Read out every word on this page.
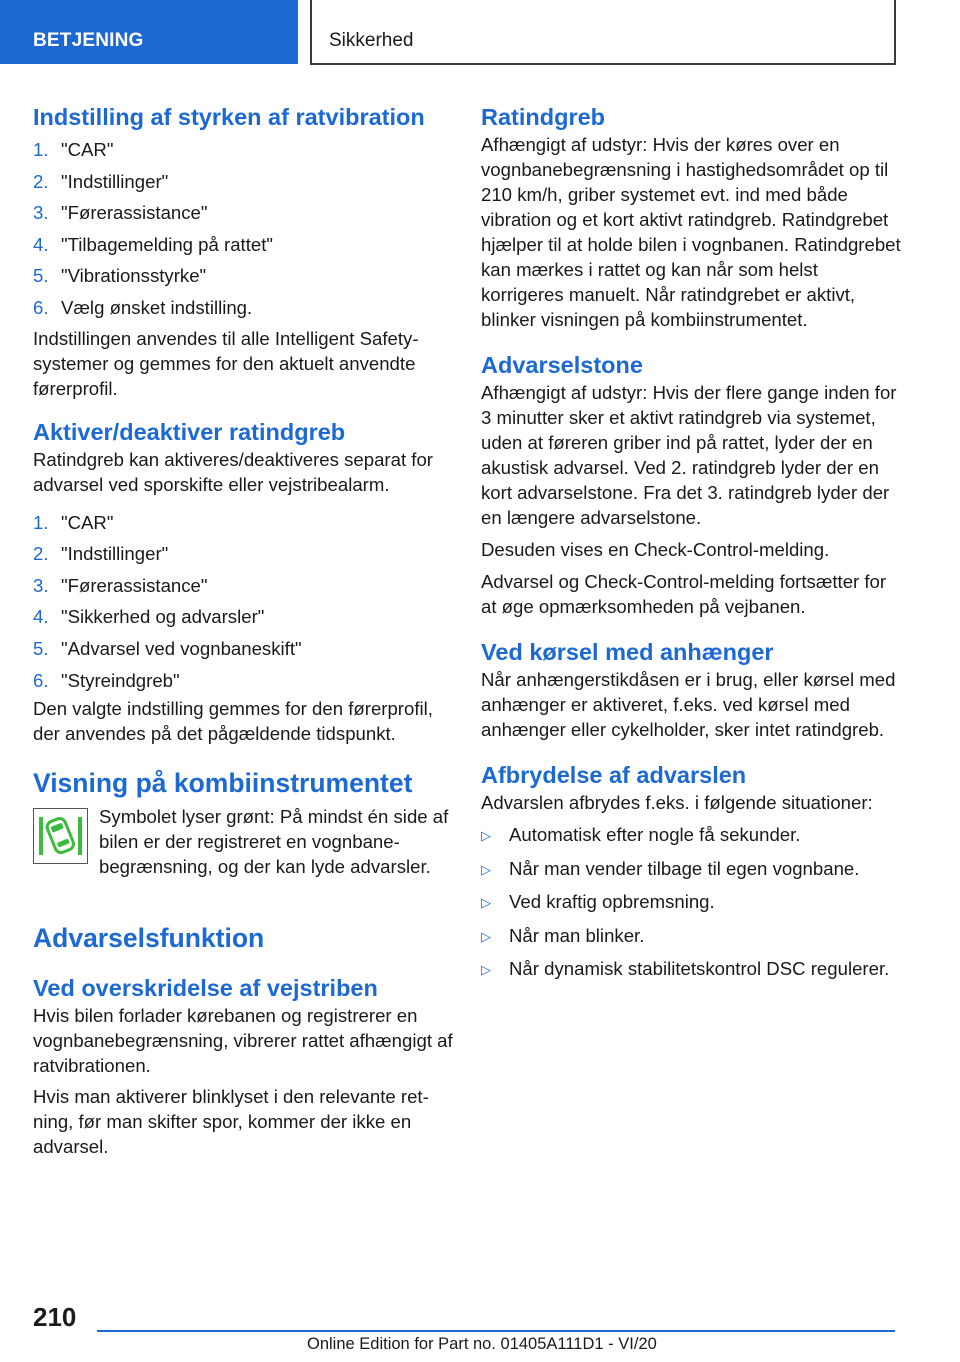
BETJENING	Sikkerhed
Indstilling af styrken af ratvibration
1. "CAR"
2. "Indstillinger"
3. "Førerassistance"
4. "Tilbagemelding på rattet"
5. "Vibrationsstyrke"
6. Vælg ønsket indstilling.

Indstillingen anvendes til alle Intelligent Safety-systemer og gemmes for den aktuelt anvendte førerprofil.

Aktiver/deaktiver ratindgreb

Ratindgreb kan aktiveres/deaktiveres separat for advarsel ved sporskifte eller vejstribealarm.

1. "CAR"
2. "Indstillinger"
3. "Førerassistance"
4. "Sikkerhed og advarsler"
5. "Advarsel ved vognbaneskift"
6. "Styreindgreb"

Den valgte indstilling gemmes for den førerprofil, der anvendes på det pågældende tidspunkt.

Visning på kombiinstrumentet

Symbolet lyser grønt: På mindst én side af bilen er der registreret en vognbanebegrænsning, og der kan lyde advarsler.

Advarselsfunktion
Ved overskridelse af vejstriben

Hvis bilen forlader kørebanen og registrerer en vognbanebegrænsning, vibrerer rattet afhængigt af ratvibrationen.

Hvis man aktiverer blinklyset i den relevante retning, før man skifter spor, kommer der ikke en advarsel.

Ratindgreb

Afhængigt af udstyr: Hvis der køres over en vognbanebegrænsning i hastighedsområdet op til 210 km/h, griber systemet evt. ind med både vibration og et kort aktivt ratindgreb. Ratindgrebet hjælper til at holde bilen i vognbanen. Ratindgrebet kan mærkes i rattet og kan når som helst korrigeres manuelt. Når ratindgrebet er aktivt, blinker visningen på kombiinstrumentet.

Advarselstone

Afhængigt af udstyr: Hvis der flere gange inden for 3 minutter sker et aktivt ratindgreb via systemet, uden at føreren griber ind på rattet, lyder der en akustisk advarsel. Ved 2. ratindgreb lyder der en kort advarselstone. Fra det 3. ratindgreb lyder der en længere advarselstone.

Desuden vises en Check-Control-melding.

Advarsel og Check-Control-melding fortsætter for at øge opmærksomheden på vejbanen.

Ved kørsel med anhænger

Når anhængerstikdåsen er i brug, eller kørsel med anhænger er aktiveret, f.eks. ved kørsel med anhænger eller cykelholder, sker intet ratindgreb.

Afbrydelse af advarslen

Advarslen afbrydes f.eks. i følgende situationer:

▷ Automatisk efter nogle få sekunder.
▷ Når man vender tilbage til egen vognbane.
▷ Ved kraftig opbremsning.
▷ Når man blinker.
▷ Når dynamisk stabilitetskontrol DSC regulerer.
210
Online Edition for Part no. 01405A111D1 - VI/20
